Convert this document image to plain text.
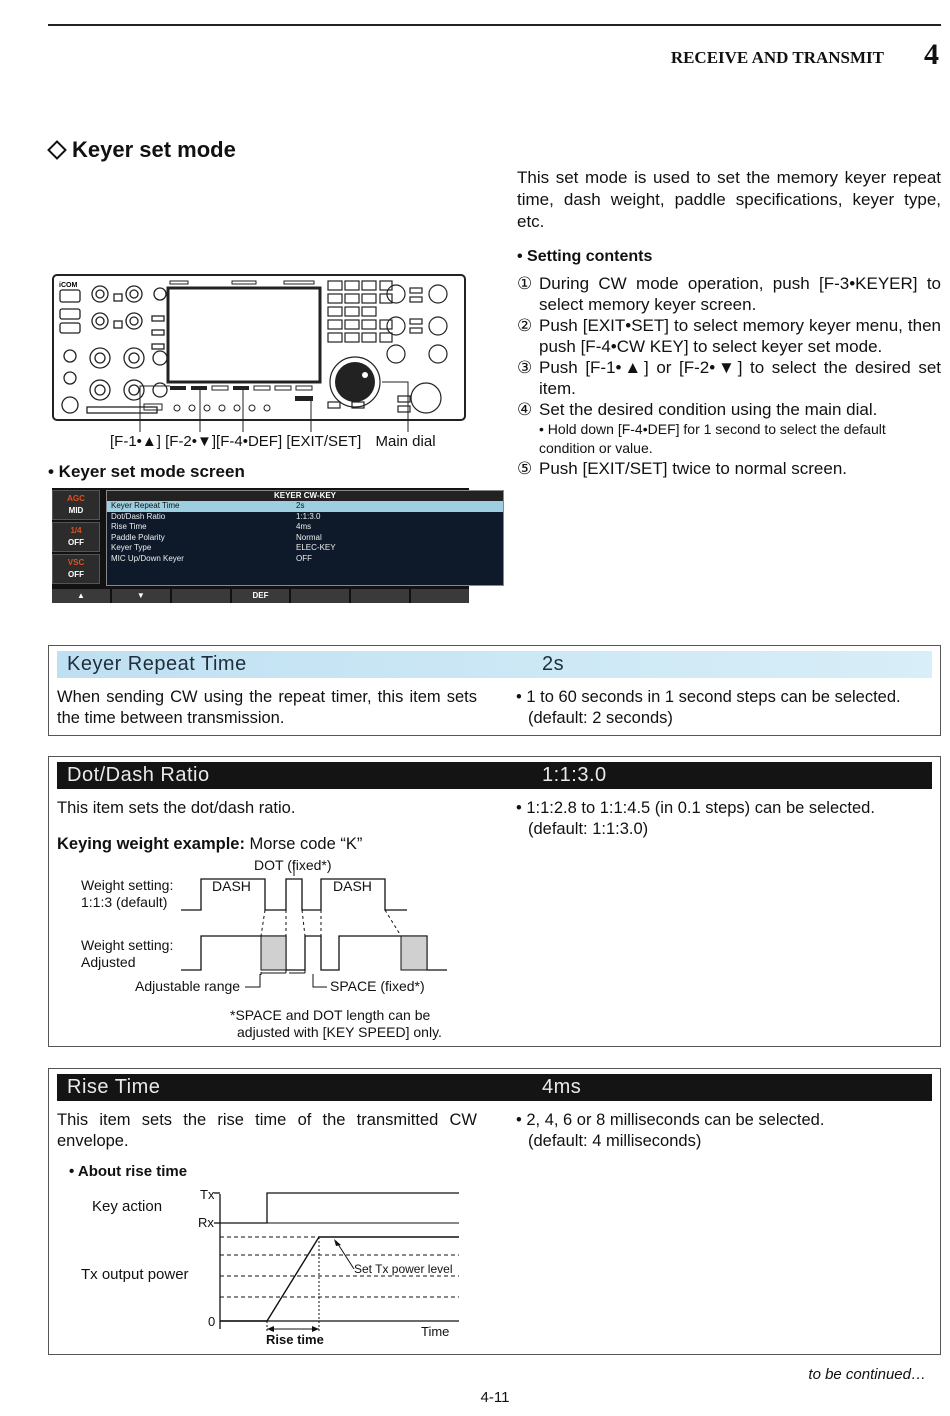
RECEIVE AND TRANSMIT 4
Keyer set mode
This set mode is used to set the memory keyer repeat time, dash weight, paddle specifications, keyer type, etc.
• Setting contents
① During CW mode operation, push [F-3•KEYER] to select memory keyer screen.
② Push [EXIT•SET] to select memory keyer menu, then push [F-4•CW KEY] to select keyer set mode.
③ Push [F-1•▲] or [F-2•▼] to select the desired set item.
④ Set the desired condition using the main dial.
• Hold down [F-4•DEF] for 1 second to select the default condition or value.
⑤ Push [EXIT/SET] twice to normal screen.
iCOM
[F-1•▲] [F-2•▼][F-4•DEF] [EXIT/SET] Main dial
• Keyer set mode screen
AGC
MID
1/4
OFF
VSC
OFF
KEYER CW-KEY
Keyer Repeat Time	2s
Dot/Dash Ratio	1:1:3.0
Rise Time	4ms
Paddle Polarity	Normal
Keyer Type	ELEC-KEY
MIC Up/Down Keyer	OFF
▲	▼	DEF
Keyer Repeat Time	2s
When sending CW using the repeat timer, this item sets the time between transmission.
• 1 to 60 seconds in 1 second steps can be selected.
(default: 2 seconds)
Dot/Dash Ratio	1:1:3.0
This item sets the dot/dash ratio.
Keying weight example: Morse code “K”
• 1:1:2.8 to 1:1:4.5 (in 0.1 steps) can be selected.
(default: 1:1:3.0)
DOT (fixed*)
Weight setting:
1:1:3 (default)
DASH	DASH
Weight setting:
Adjusted
Adjustable range	SPACE (fixed*)
*SPACE and DOT length can be
adjusted with [KEY SPEED] only.
Rise Time	4ms
This item sets the rise time of the transmitted CW envelope.
• About rise time
• 2, 4, 6 or 8 milliseconds can be selected.
(default: 4 milliseconds)
Key action
Tx output power
Tx
Rx
0
Set Tx power level
Time
Rise time
to be continued…
4-11
